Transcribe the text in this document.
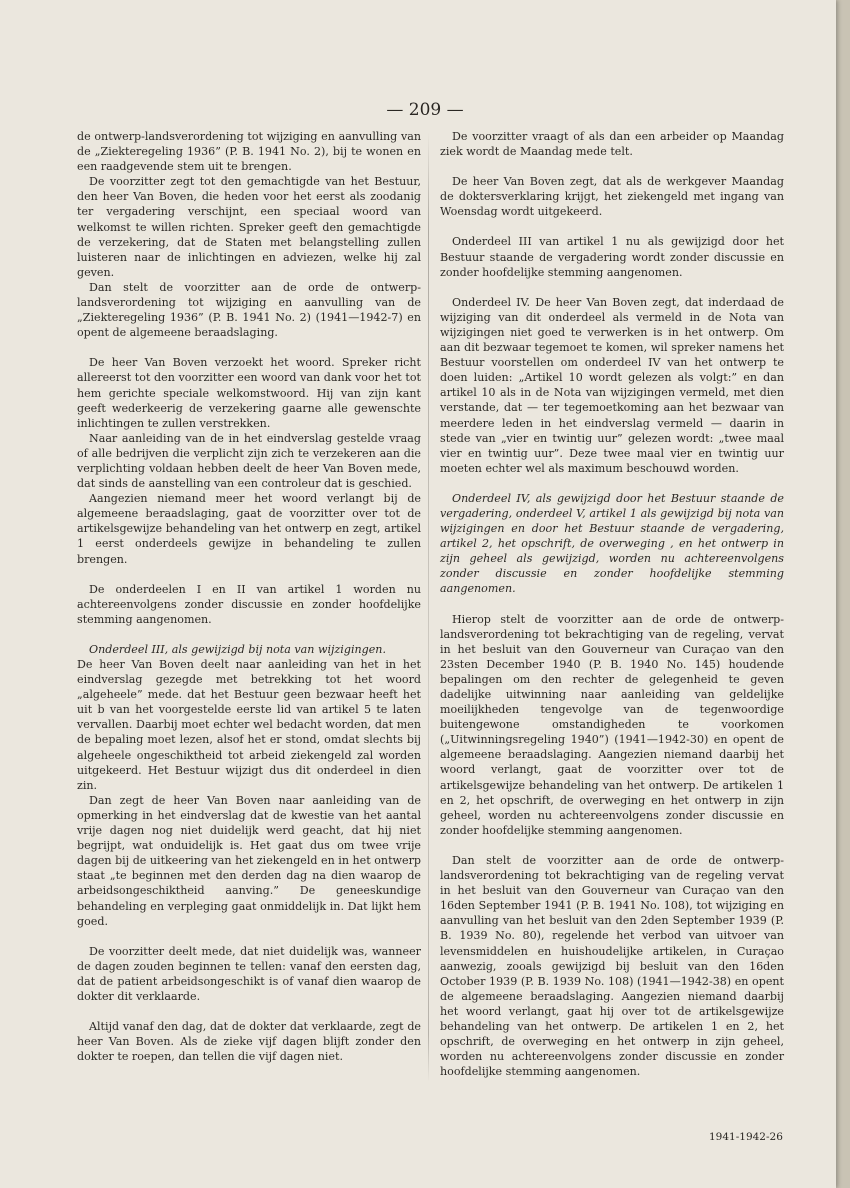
— 209 —

de ontwerp-landsverordening tot wijziging en aanvulling van de „Ziekteregeling 1936” (P. B. 1941 No. 2), bij te wonen en een raadgevende stem uit te brengen.

De voorzitter zegt tot den gemachtigde van het Bestuur, den heer Van Boven, die heden voor het eerst als zoodanig ter vergadering verschijnt, een speciaal woord van welkomst te willen richten. Spreker geeft den gemachtigde de verzekering, dat de Staten met belangstelling zullen luisteren naar de inlichtingen en adviezen, welke hij zal geven.

Dan stelt de voorzitter aan de orde de ontwerp-landsverordening tot wijziging en aanvulling van de „Ziekteregeling 1936” (P. B. 1941 No. 2) (1941—1942-7) en opent de algemeene beraadslaging.

De heer Van Boven verzoekt het woord. Spreker richt allereerst tot den voorzitter een woord van dank voor het tot hem gerichte speciale welkomstwoord. Hij van zijn kant geeft wederkeerig de verzekering gaarne alle gewenschte inlichtingen te zullen verstrekken.

Naar aanleiding van de in het eindverslag gestelde vraag of alle bedrijven die verplicht zijn zich te verzekeren aan die verplichting voldaan hebben deelt de heer Van Boven mede, dat sinds de aanstelling van een controleur dat is geschied.

Aangezien niemand meer het woord verlangt bij de algemeene beraadslaging, gaat de voorzitter over tot de artikelsgewijze behandeling van het ontwerp en zegt, artikel 1 eerst onderdeels gewijze in behandeling te zullen brengen.

De onderdeelen I en II van artikel 1 worden nu achtereenvolgens zonder discussie en zonder hoofdelijke stemming aangenomen.

Onderdeel III, als gewijzigd bij nota van wijzigingen.

De heer Van Boven deelt naar aanleiding van het in het eindverslag gezegde met betrekking tot het woord „algeheele” mede. dat het Bestuur geen bezwaar heeft het uit b van het voorgestelde eerste lid van artikel 5 te laten vervallen. Daarbij moet echter wel bedacht worden, dat men de bepaling moet lezen, alsof het er stond, omdat slechts bij algeheele ongeschiktheid tot arbeid ziekengeld zal worden uitgekeerd. Het Bestuur wijzigt dus dit onderdeel in dien zin.

Dan zegt de heer Van Boven naar aanleiding van de opmerking in het eindverslag dat de kwestie van het aantal vrije dagen nog niet duidelijk werd geacht, dat hij niet begrijpt, wat onduidelijk is. Het gaat dus om twee vrije dagen bij de uitkeering van het ziekengeld en in het ontwerp staat „te beginnen met den derden dag na dien waarop de arbeidsongeschiktheid aanving.” De geneeskundige behandeling en verpleging gaat onmiddelijk in. Dat lijkt hem goed.

De voorzitter deelt mede, dat niet duidelijk was, wanneer de dagen zouden beginnen te tellen: vanaf den eersten dag, dat de patient arbeidsongeschikt is of vanaf dien waarop de dokter dit verklaarde.

Altijd vanaf den dag, dat de dokter dat verklaarde, zegt de heer Van Boven. Als de zieke vijf dagen blijft zonder den dokter te roepen, dan tellen die vijf dagen niet.

De voorzitter vraagt of als dan een arbeider op Maandag ziek wordt de Maandag mede telt.

De heer Van Boven zegt, dat als de werkgever Maandag de doktersverklaring krijgt, het ziekengeld met ingang van Woensdag wordt uitgekeerd.

Onderdeel III van artikel 1 nu als gewijzigd door het Bestuur staande de vergadering wordt zonder discussie en zonder hoofdelijke stemming aangenomen.

Onderdeel IV. De heer Van Boven zegt, dat inderdaad de wijziging van dit onderdeel als vermeld in de Nota van wijzigingen niet goed te verwerken is in het ontwerp. Om aan dit bezwaar tegemoet te komen, wil spreker namens het Bestuur voorstellen om onderdeel IV van het ontwerp te doen luiden: „Artikel 10 wordt gelezen als volgt:” en dan artikel 10 als in de Nota van wijzigingen vermeld, met dien verstande, dat — ter tegemoetkoming aan het bezwaar van meerdere leden in het eindverslag vermeld — daarin in stede van „vier en twintig uur” gelezen wordt: „twee maal vier en twintig uur”. Deze twee maal vier en twintig uur moeten echter wel als maximum beschouwd worden.

Onderdeel IV, als gewijzigd door het Bestuur staande de vergadering, onderdeel V, artikel 1 als gewijzigd bij nota van wijzigingen en door het Bestuur staande de vergadering, artikel 2, het opschrift, de overweging , en het ontwerp in zijn geheel als gewijzigd, worden nu achtereenvolgens zonder discussie en zonder hoofdelijke stemming aangenomen.

Hierop stelt de voorzitter aan de orde de ontwerp-landsverordening tot bekrachtiging van de regeling, vervat in het besluit van den Gouverneur van Curaçao van den 23sten December 1940 (P. B. 1940 No. 145) houdende bepalingen om den rechter de gelegenheid te geven dadelijke uitwinning naar aanleiding van geldelijke moeilijkheden tengevolge van de tegenwoordige buitengewone omstandigheden te voorkomen („Uitwinningsregeling 1940”) (1941—1942-30) en opent de algemeene beraadslaging. Aangezien niemand daarbij het woord verlangt, gaat de voorzitter over tot de artikelsgewijze behandeling van het ontwerp. De artikelen 1 en 2, het opschrift, de overweging en het ontwerp in zijn geheel, worden nu achtereenvolgens zonder discussie en zonder hoofdelijke stemming aangenomen.

Dan stelt de voorzitter aan de orde de ontwerp-landsverordening tot bekrachtiging van de regeling vervat in het besluit van den Gouverneur van Curaçao van den 16den September 1941 (P. B. 1941 No. 108), tot wijziging en aanvulling van het besluit van den 2den September 1939 (P. B. 1939 No. 80), regelende het verbod van uitvoer van levensmiddelen en huishoudelijke artikelen, in Curaçao aanwezig, zooals gewijzigd bij besluit van den 16den October 1939 (P. B. 1939 No. 108) (1941—1942-38) en opent de algemeene beraadslaging. Aangezien niemand daarbij het woord verlangt, gaat hij over tot de artikelsgewijze behandeling van het ontwerp. De artikelen 1 en 2, het opschrift, de overweging en het ontwerp in zijn geheel, worden nu achtereenvolgens zonder discussie en zonder hoofdelijke stemming aangenomen.

1941-1942-26
